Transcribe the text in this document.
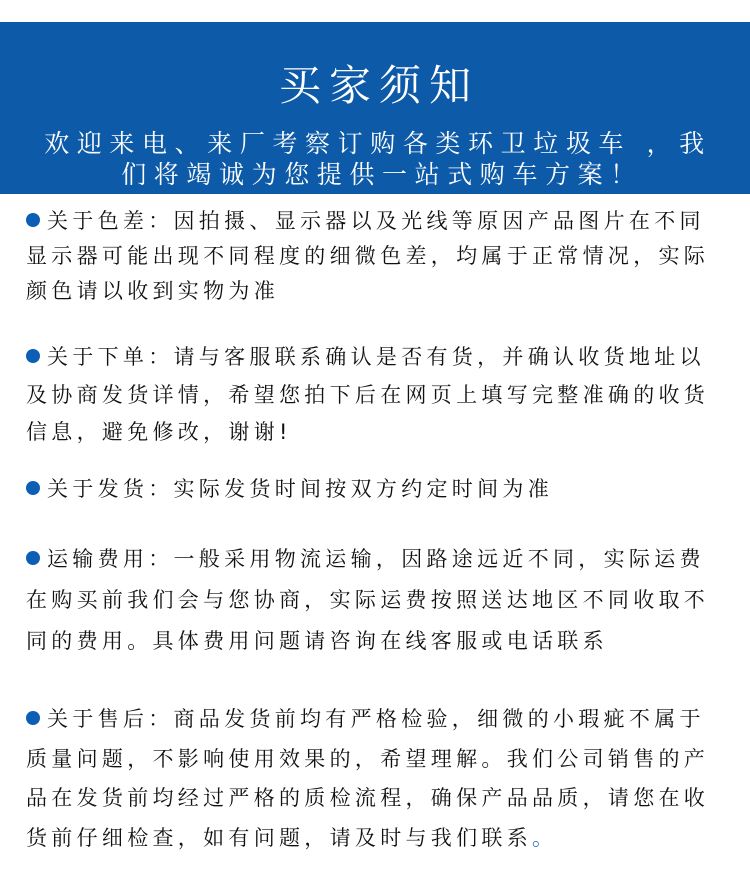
买家须知
欢迎来电、来厂考察订购各类环卫垃圾车 ，我
们将竭诚为您提供一站式购车方案！
关于色差：因拍摄、显示器以及光线等原因产品图片在不同
显示器可能出现不同程度的细微色差，均属于正常情况，实际
颜色请以收到实物为准
关于下单：请与客服联系确认是否有货，并确认收货地址以
及协商发货详情，希望您拍下后在网页上填写完整准确的收货
信息，避免修改，谢谢!
关于发货：实际发货时间按双方约定时间为准
运输费用：一般采用物流运输，因路途远近不同，实际运费
在购买前我们会与您协商，实际运费按照送达地区不同收取不
同的费用。具体费用问题请咨询在线客服或电话联系
关于售后：商品发货前均有严格检验，细微的小瑕疵不属于
质量问题，不影响使用效果的，希望理解。我们公司销售的产
品在发货前均经过严格的质检流程，确保产品品质，请您在收
货前仔细检查，如有问题，请及时与我们联系。
